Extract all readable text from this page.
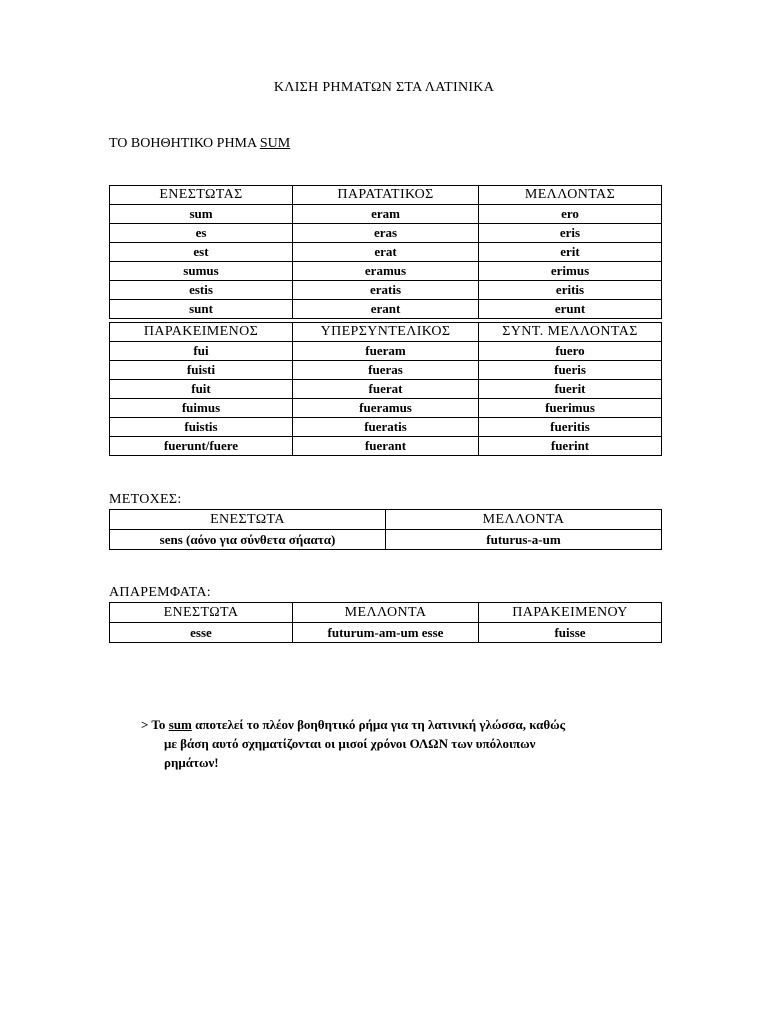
ΚΛΙΣΗ ΡΗΜΑΤΩΝ ΣΤΑ ΛΑΤΙΝΙΚΑ
ΤΟ ΒΟΗΘΗΤΙΚΟ ΡΗΜΑ SUM
ΕΝΕΣΤΩΤΑΣ	ΠΑΡΑΤΑΤΙΚΟΣ	ΜΕΛΛΟΝΤΑΣ
sum	eram	ero
es	eras	eris
est	erat	erit
sumus	eramus	erimus
estis	eratis	eritis
sunt	erant	erunt
ΠΑΡΑΚΕΙΜΕΝΟΣ	ΥΠΕΡΣΥΝΤΕΛΙΚΟΣ	ΣΥΝΤ. ΜΕΛΛΟΝΤΑΣ
fui	fueram	fuero
fuisti	fueras	fueris
fuit	fuerat	fuerit
fuimus	fueramus	fuerimus
fuistis	fueratis	fueritis
fuerunt/fuere	fuerant	fuerint
ΜΕΤΟΧΕΣ:
ΕΝΕΣΤΩΤΑ	ΜΕΛΛΟΝΤΑ
sens (αόνο για σύνθετα σήαατα)	futurus-a-um
ΑΠΑΡΕΜΦΑΤΑ:
ΕΝΕΣΤΩΤΑ	ΜΕΛΛΟΝΤΑ	ΠΑΡΑΚΕΙΜΕΝΟΥ
esse	futurum-am-um esse	fuisse
> Το sum αποτελεί το πλέον βοηθητικό ρήμα για τη λατινική γλώσσα, καθώς
με βάση αυτό σχηματίζονται οι μισοί χρόνοι ΟΛΩΝ των υπόλοιπων
ρημάτων!
